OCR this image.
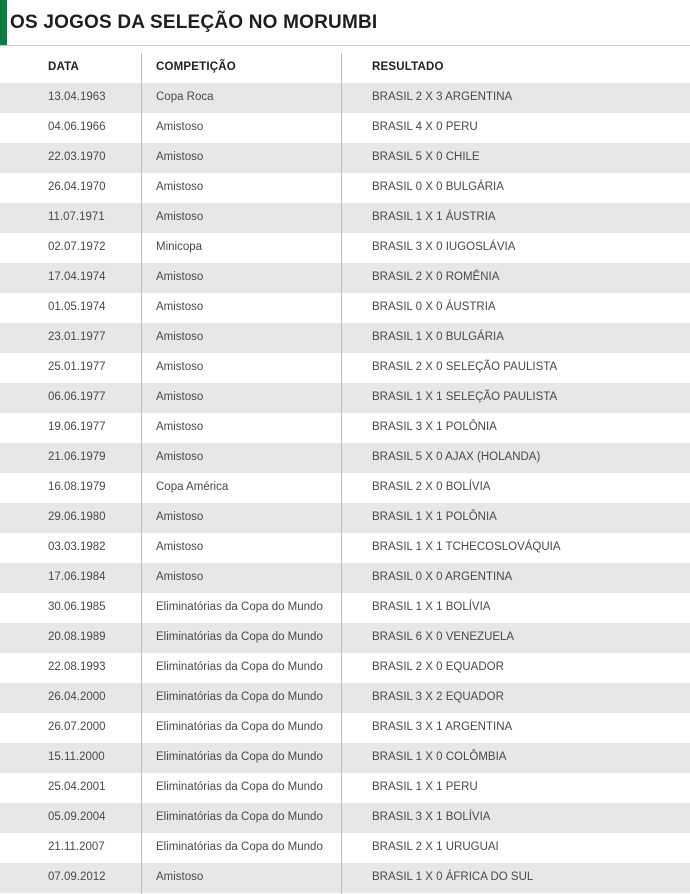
OS JOGOS DA SELEÇÃO NO MORUMBI
DATA	COMPETIÇÃO	RESULTADO
13.04.1963	Copa Roca	BRASIL 2 X 3 ARGENTINA
04.06.1966	Amistoso	BRASIL 4 X 0 PERU
22.03.1970	Amistoso	BRASIL 5 X 0 CHILE
26.04.1970	Amistoso	BRASIL 0 X 0 BULGÁRIA
11.07.1971	Amistoso	BRASIL 1 X 1 ÁUSTRIA
02.07.1972	Minicopa	BRASIL 3 X 0 IUGOSLÁVIA
17.04.1974	Amistoso	BRASIL 2 X 0 ROMÊNIA
01.05.1974	Amistoso	BRASIL 0 X 0 ÁUSTRIA
23.01.1977	Amistoso	BRASIL 1 X 0 BULGÁRIA
25.01.1977	Amistoso	BRASIL 2 X 0 SELEÇÃO PAULISTA
06.06.1977	Amistoso	BRASIL 1 X 1 SELEÇÃO PAULISTA
19.06.1977	Amistoso	BRASIL 3 X 1 POLÔNIA
21.06.1979	Amistoso	BRASIL 5 X 0 AJAX (HOLANDA)
16.08.1979	Copa América	BRASIL 2 X 0 BOLÍVIA
29.06.1980	Amistoso	BRASIL 1 X 1 POLÔNIA
03.03.1982	Amistoso	BRASIL 1 X 1 TCHECOSLOVÁQUIA
17.06.1984	Amistoso	BRASIL 0 X 0 ARGENTINA
30.06.1985	Eliminatórias da Copa do Mundo	BRASIL 1 X 1 BOLÍVIA
20.08.1989	Eliminatórias da Copa do Mundo	BRASIL 6 X 0 VENEZUELA
22.08.1993	Eliminatórias da Copa do Mundo	BRASIL 2 X 0 EQUADOR
26.04.2000	Eliminatórias da Copa do Mundo	BRASIL 3 X 2 EQUADOR
26.07.2000	Eliminatórias da Copa do Mundo	BRASIL 3 X 1 ARGENTINA
15.11.2000	Eliminatórias da Copa do Mundo	BRASIL 1 X 0 COLÔMBIA
25.04.2001	Eliminatórias da Copa do Mundo	BRASIL 1 X 1 PERU
05.09.2004	Eliminatórias da Copa do Mundo	BRASIL 3 X 1 BOLÍVIA
21.11.2007	Eliminatórias da Copa do Mundo	BRASIL 2 X 1 URUGUAI
07.09.2012	Amistoso	BRASIL 1 X 0 ÁFRICA DO SUL
